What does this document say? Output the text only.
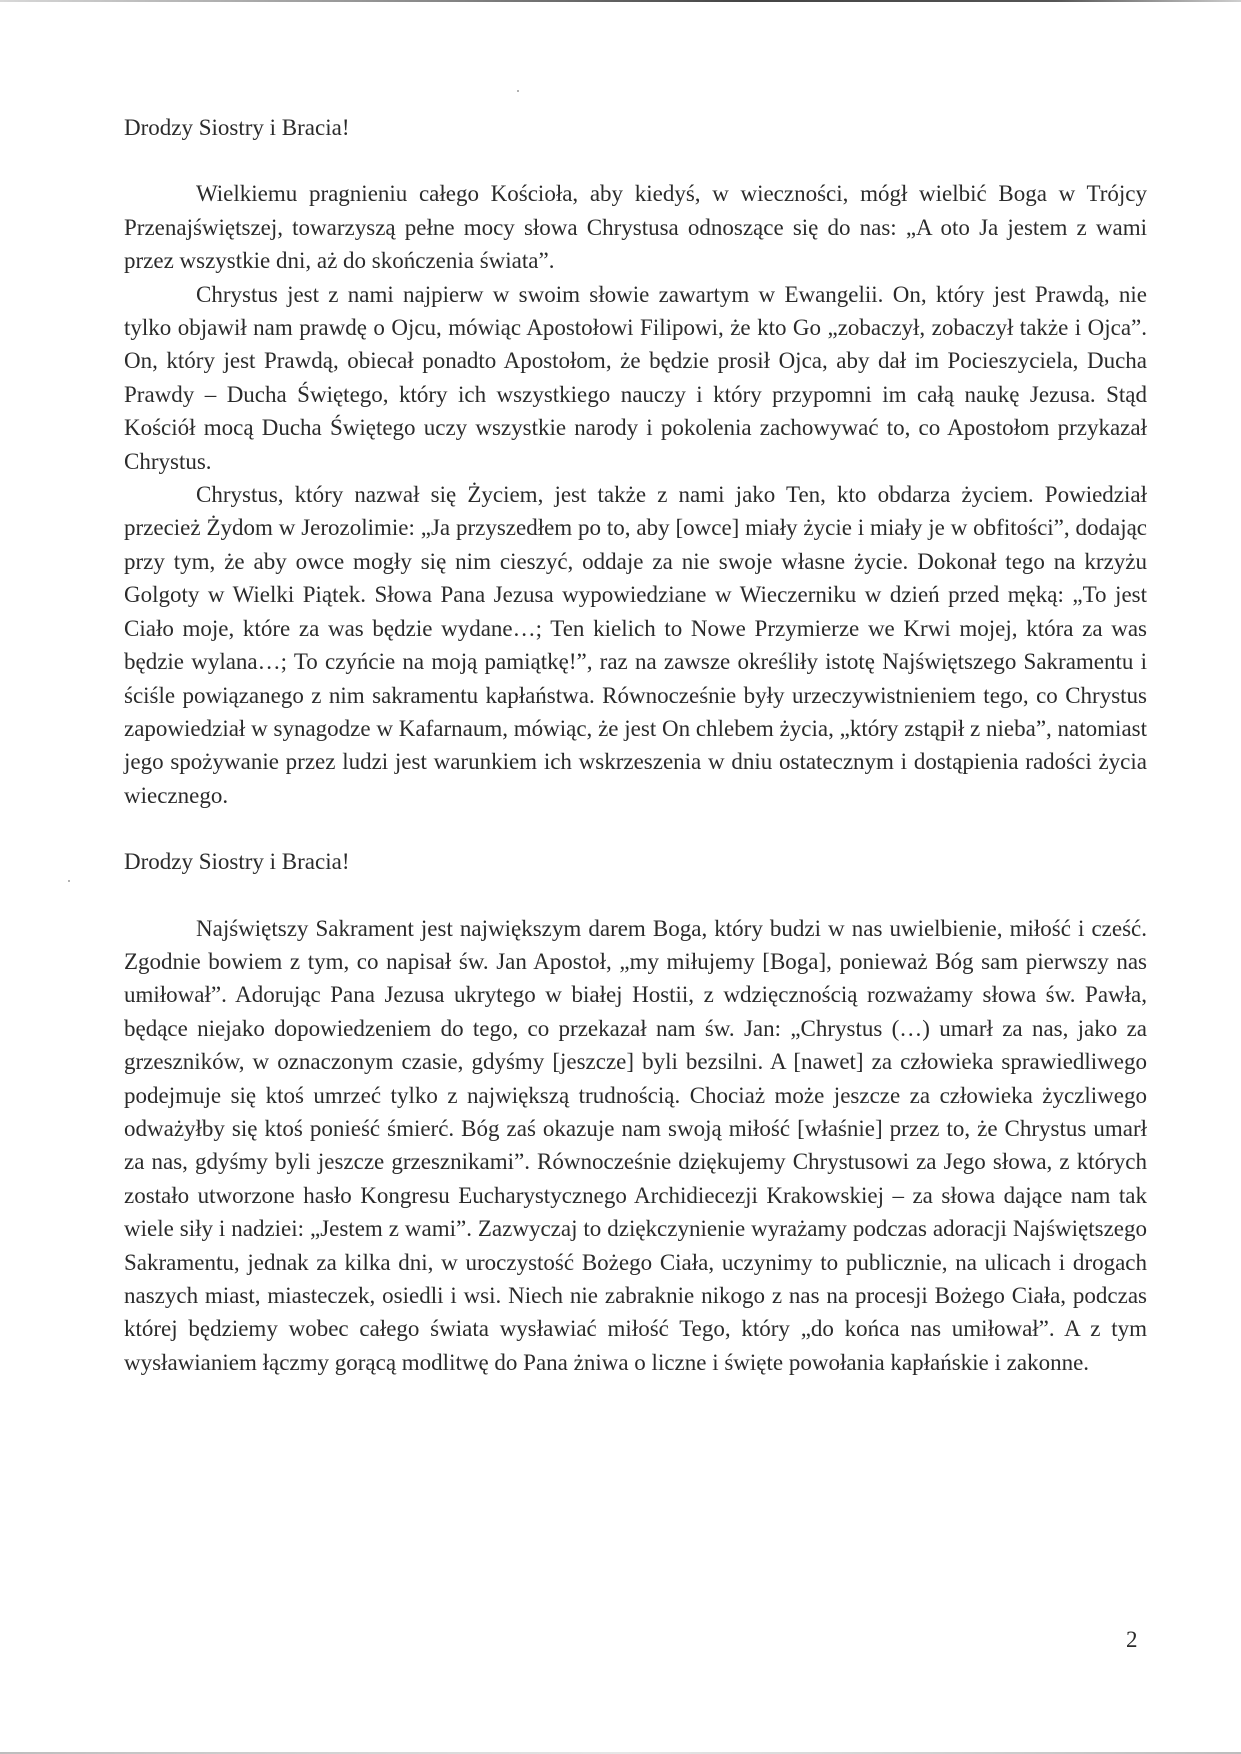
Drodzy Siostry i Bracia!

Wielkiemu pragnieniu całego Kościoła, aby kiedyś, w wieczności, mógł wielbić Boga w Trójcy Przenajświętszej, towarzyszą pełne mocy słowa Chrystusa odnoszące się do nas: „A oto Ja jestem z wami przez wszystkie dni, aż do skończenia świata”.

Chrystus jest z nami najpierw w swoim słowie zawartym w Ewangelii. On, który jest Prawdą, nie tylko objawił nam prawdę o Ojcu, mówiąc Apostołowi Filipowi, że kto Go „zobaczył, zobaczył także i Ojca”. On, który jest Prawdą, obiecał ponadto Apostołom, że będzie prosił Ojca, aby dał im Pocieszyciela, Ducha Prawdy – Ducha Świętego, który ich wszystkiego nauczy i który przypomni im całą naukę Jezusa. Stąd Kościół mocą Ducha Świętego uczy wszystkie narody i pokolenia zachowywać to, co Apostołom przykazał Chrystus.

Chrystus, który nazwał się Życiem, jest także z nami jako Ten, kto obdarza życiem. Powiedział przecież Żydom w Jerozolimie: „Ja przyszedłem po to, aby [owce] miały życie i miały je w obfitości”, dodając przy tym, że aby owce mogły się nim cieszyć, oddaje za nie swoje własne życie. Dokonał tego na krzyżu Golgoty w Wielki Piątek. Słowa Pana Jezusa wypowiedziane w Wieczerniku w dzień przed męką: „To jest Ciało moje, które za was będzie wydane…; Ten kielich to Nowe Przymierze we Krwi mojej, która za was będzie wylana…; To czyńcie na moją pamiątkę!”, raz na zawsze określiły istotę Najświętszego Sakramentu i ściśle powiązanego z nim sakramentu kapłaństwa. Równocześnie były urzeczywistnieniem tego, co Chrystus zapowiedział w synagodze w Kafarnaum, mówiąc, że jest On chlebem życia, „który zstąpił z nieba”, natomiast jego spożywanie przez ludzi jest warunkiem ich wskrzeszenia w dniu ostatecznym i dostąpienia radości życia wiecznego.

Drodzy Siostry i Bracia!

Najświętszy Sakrament jest największym darem Boga, który budzi w nas uwielbienie, miłość i cześć. Zgodnie bowiem z tym, co napisał św. Jan Apostoł, „my miłujemy [Boga], ponieważ Bóg sam pierwszy nas umiłował”. Adorując Pana Jezusa ukrytego w białej Hostii, z wdzięcznością rozważamy słowa św. Pawła, będące niejako dopowiedzeniem do tego, co przekazał nam św. Jan: „Chrystus (…) umarł za nas, jako za grzeszników, w oznaczonym czasie, gdyśmy [jeszcze] byli bezsilni. A [nawet] za człowieka sprawiedliwego podejmuje się ktoś umrzeć tylko z największą trudnością. Chociaż może jeszcze za człowieka życzliwego odważyłby się ktoś ponieść śmierć. Bóg zaś okazuje nam swoją miłość [właśnie] przez to, że Chrystus umarł za nas, gdyśmy byli jeszcze grzesznikami”. Równocześnie dziękujemy Chrystusowi za Jego słowa, z których zostało utworzone hasło Kongresu Eucharystycznego Archidiecezji Krakowskiej – za słowa dające nam tak wiele siły i nadziei: „Jestem z wami”. Zazwyczaj to dziękczynienie wyrażamy podczas adoracji Najświętszego Sakramentu, jednak za kilka dni, w uroczystość Bożego Ciała, uczynimy to publicznie, na ulicach i drogach naszych miast, miasteczek, osiedli i wsi. Niech nie zabraknie nikogo z nas na procesji Bożego Ciała, podczas której będziemy wobec całego świata wysławiać miłość Tego, który „do końca nas umiłował”. A z tym wysławianiem łączmy gorącą modlitwę do Pana żniwa o liczne i święte powołania kapłańskie i zakonne.

2
